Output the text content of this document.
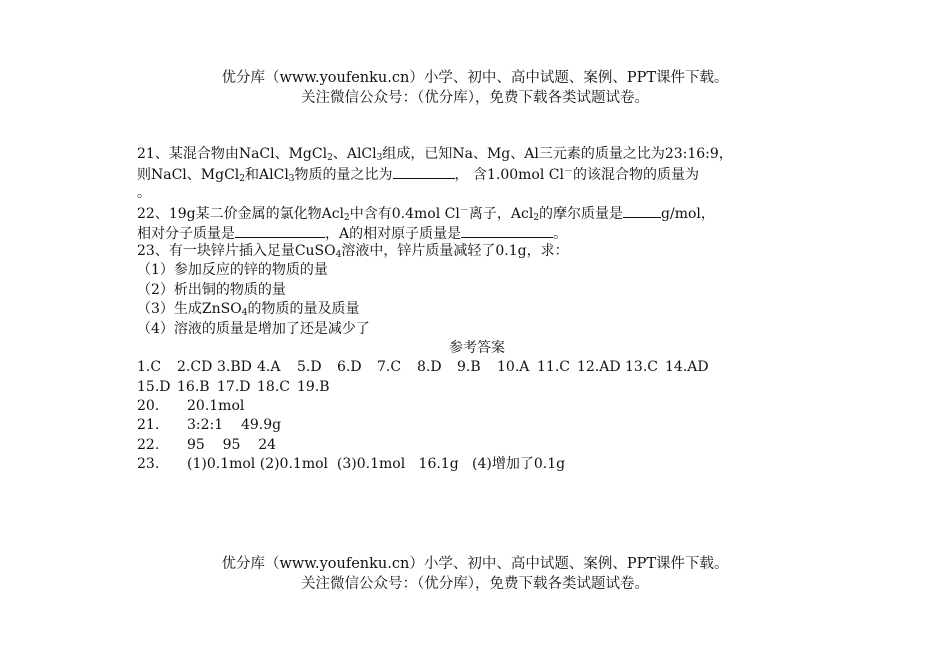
优分库（www.youfenku.cn）小学、初中、高中试题、案例、PPT课件下载。
关注微信公众号：（优分库），免费下载各类试题试卷。
21、某混合物由NaCl、MgCl$_2$、AlCl$_3$组成，已知Na、Mg、Al三元素的质量之比为23:16:9，
则NaCl、MgCl$_2$和AlCl$_3$物质的量之比为	， 含1.00mol Cl－的该混合物的质量为
。
22、19g某二价金属的氯化物Acl$_2$中含有0.4mol Cl－离子，Acl$_2$的摩尔质量是	g/mol，
相对分子质量是	，A的相对原子质量是	。
23、有一块锌片插入足量CuSO$_4$溶液中，锌片质量减轻了0.1g，求：
（1）参加反应的锌的物质的量
（2）析出铜的物质的量
（3）生成ZnSO$_4$的物质的量及质量
（4）溶液的质量是增加了还是减少了
参考答案
1.C 2.CD 3.BD 4.A 5.D 6.D 7.C 8.D 9.B 10.A 11.C 12.AD 13.C 14.AD
15.D 16.B 17.D 18.C 19.B
20. 20.1mol
21. 3:2:1    49.9g
22. 95    95    24
23. (1)0.1mol (2)0.1mol  (3)0.1mol   16.1g   (4)增加了0.1g
优分库（www.youfenku.cn）小学、初中、高中试题、案例、PPT课件下载。
关注微信公众号：（优分库），免费下载各类试题试卷。
